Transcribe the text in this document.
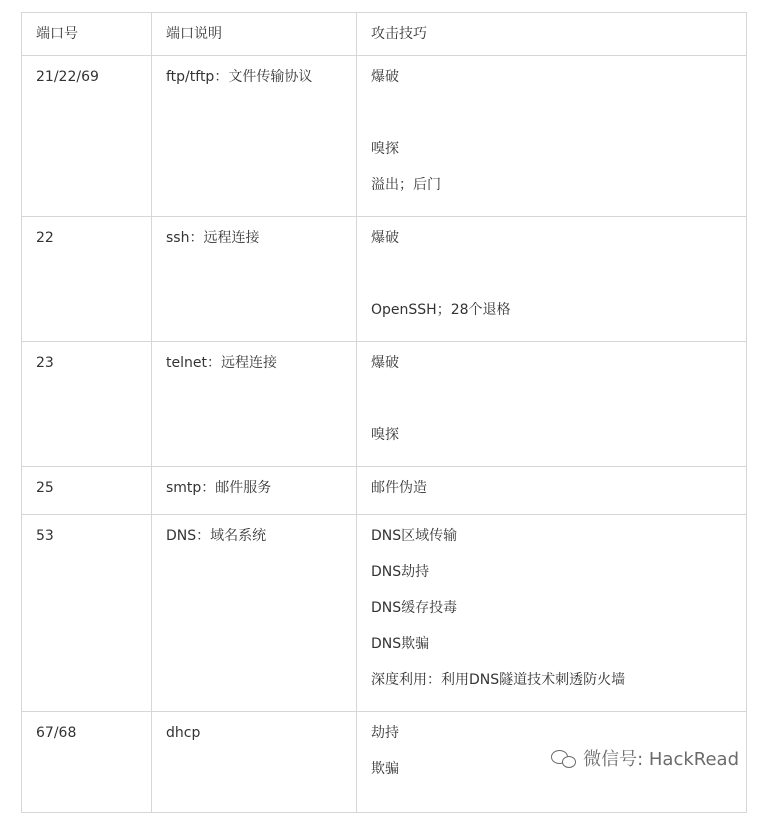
端口号	端口说明	攻击技巧

21/22/69	ftp/tftp：文件传输协议	爆破
嗅探
溢出；后门

22	ssh：远程连接	爆破
OpenSSH；28个退格

23	telnet：远程连接	爆破
嗅探

25	smtp：邮件服务	邮件伪造

53	DNS：域名系统	DNS区域传输
DNS劫持
DNS缓存投毒
DNS欺骗
深度利用：利用DNS隧道技术刺透防火墙

67/68	dhcp	劫持
欺骗	微信号: HackRead
